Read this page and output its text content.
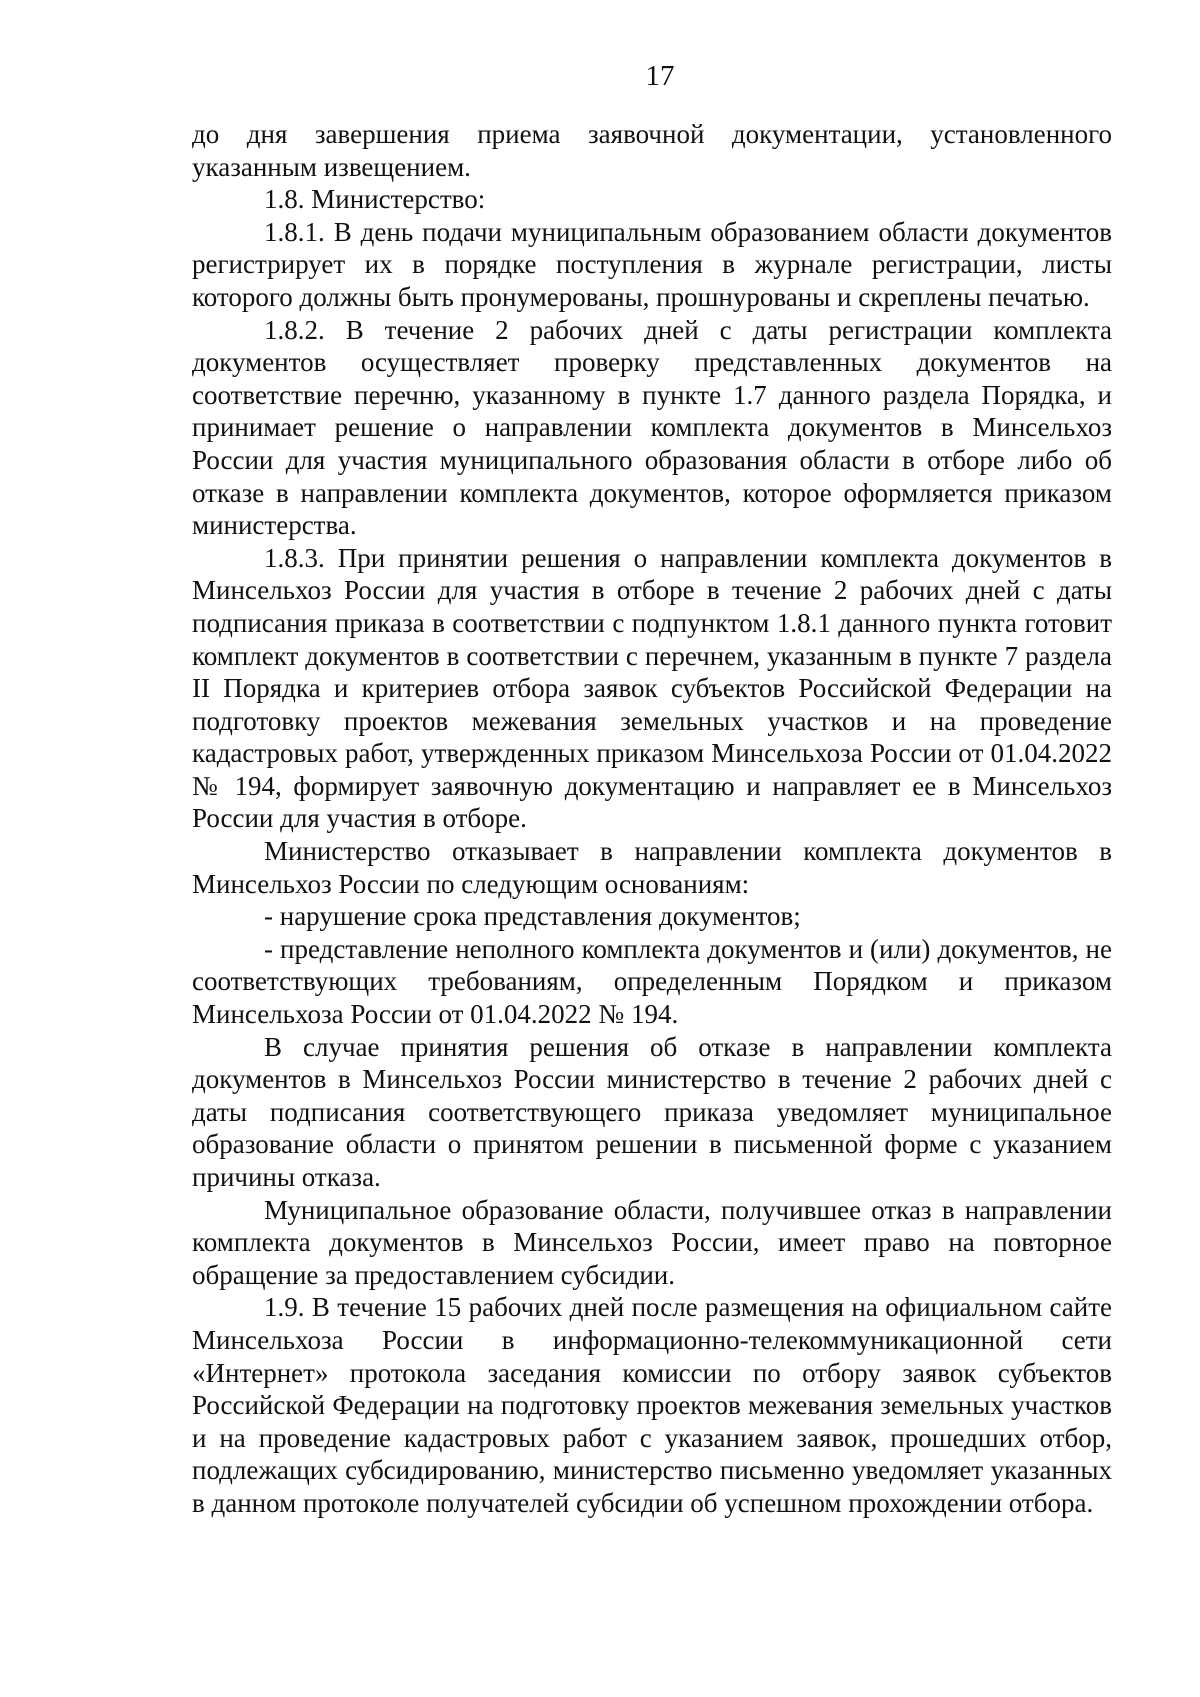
17

до дня завершения приема заявочной документации, установленного указанным извещением.

1.8. Министерство:

1.8.1. В день подачи муниципальным образованием области документов регистрирует их в порядке поступления в журнале регистрации, листы которого должны быть пронумерованы, прошнурованы и скреплены печатью.

1.8.2. В течение 2 рабочих дней с даты регистрации комплекта документов осуществляет проверку представленных документов на соответствие перечню, указанному в пункте 1.7 данного раздела Порядка, и принимает решение о направлении комплекта документов в Минсельхоз России для участия муниципального образования области в отборе либо об отказе в направлении комплекта документов, которое оформляется приказом министерства.

1.8.3. При принятии решения о направлении комплекта документов в Минсельхоз России для участия в отборе в течение 2 рабочих дней с даты подписания приказа в соответствии с подпунктом 1.8.1 данного пункта готовит комплект документов в соответствии с перечнем, указанным в пункте 7 раздела II Порядка и критериев отбора заявок субъектов Российской Федерации на подготовку проектов межевания земельных участков и на проведение кадастровых работ, утвержденных приказом Минсельхоза России от 01.04.2022 № 194, формирует заявочную документацию и направляет ее в Минсельхоз России для участия в отборе.

Министерство отказывает в направлении комплекта документов в Минсельхоз России по следующим основаниям:

- нарушение срока представления документов;

- представление неполного комплекта документов и (или) документов, не соответствующих требованиям, определенным Порядком и приказом Минсельхоза России от 01.04.2022 № 194.

В случае принятия решения об отказе в направлении комплекта документов в Минсельхоз России министерство в течение 2 рабочих дней с даты подписания соответствующего приказа уведомляет муниципальное образование области о принятом решении в письменной форме с указанием причины отказа.

Муниципальное образование области, получившее отказ в направлении комплекта документов в Минсельхоз России, имеет право на повторное обращение за предоставлением субсидии.

1.9. В течение 15 рабочих дней после размещения на официальном сайте Минсельхоза России в информационно-телекоммуникационной сети «Интернет» протокола заседания комиссии по отбору заявок субъектов Российской Федерации на подготовку проектов межевания земельных участков и на проведение кадастровых работ с указанием заявок, прошедших отбор, подлежащих субсидированию, министерство письменно уведомляет указанных в данном протоколе получателей субсидии об успешном прохождении отбора.
